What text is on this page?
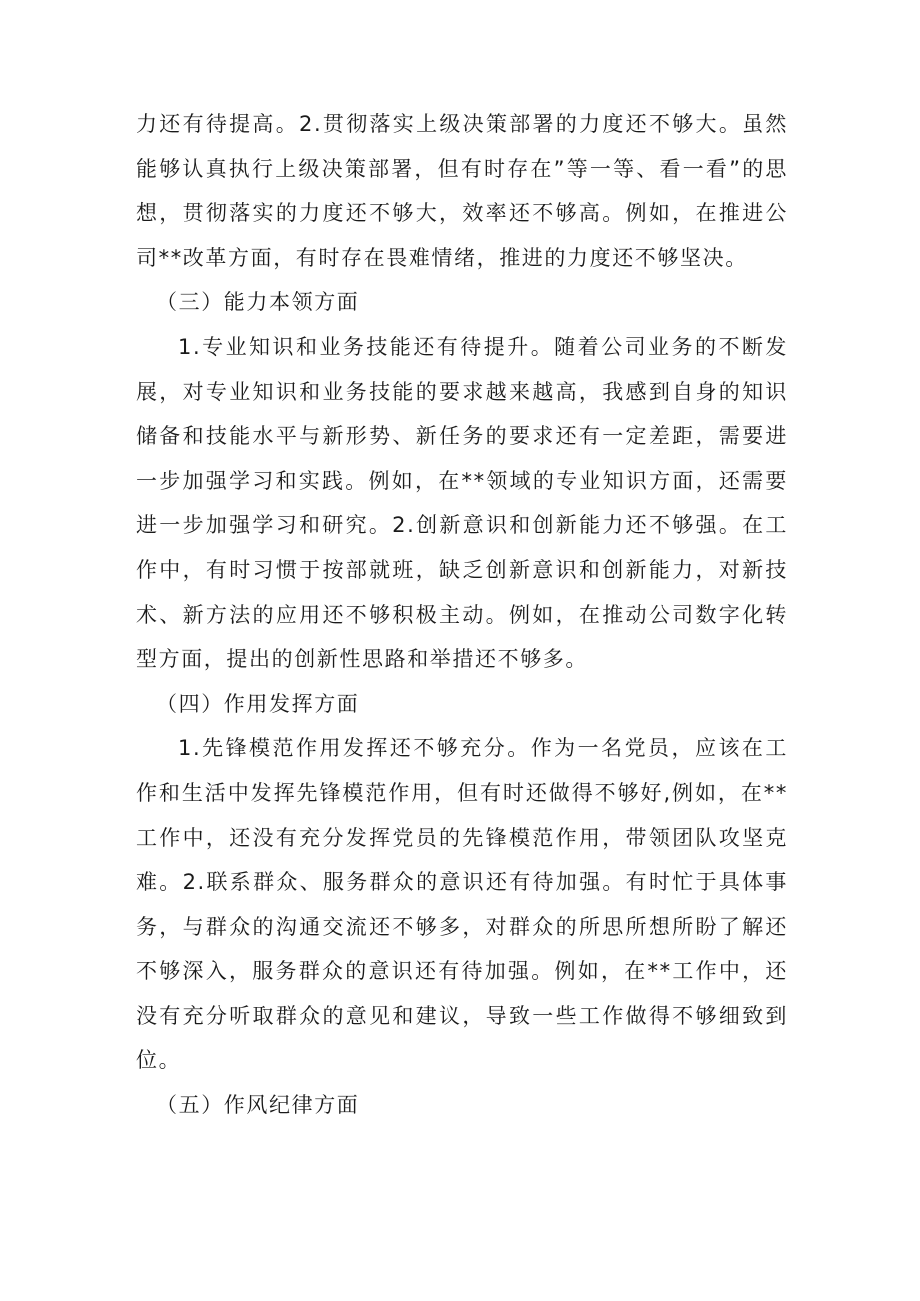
力还有待提高。2.贯彻落实上级决策部署的力度还不够大。虽然能够认真执行上级决策部署，但有时存在”等一等、看一看”的思想，贯彻落实的力度还不够大，效率还不够高。例如，在推进公司**改革方面，有时存在畏难情绪，推进的力度还不够坚决。

（三）能力本领方面

1.专业知识和业务技能还有待提升。随着公司业务的不断发展，对专业知识和业务技能的要求越来越高，我感到自身的知识储备和技能水平与新形势、新任务的要求还有一定差距，需要进一步加强学习和实践。例如，在**领域的专业知识方面，还需要进一步加强学习和研究。2.创新意识和创新能力还不够强。在工作中，有时习惯于按部就班，缺乏创新意识和创新能力，对新技术、新方法的应用还不够积极主动。例如，在推动公司数字化转型方面，提出的创新性思路和举措还不够多。

（四）作用发挥方面

1.先锋模范作用发挥还不够充分。作为一名党员，应该在工作和生活中发挥先锋模范作用，但有时还做得不够好,例如，在**工作中，还没有充分发挥党员的先锋模范作用，带领团队攻坚克难。2.联系群众、服务群众的意识还有待加强。有时忙于具体事务，与群众的沟通交流还不够多，对群众的所思所想所盼了解还不够深入，服务群众的意识还有待加强。例如，在**工作中，还没有充分听取群众的意见和建议，导致一些工作做得不够细致到位。

（五）作风纪律方面
